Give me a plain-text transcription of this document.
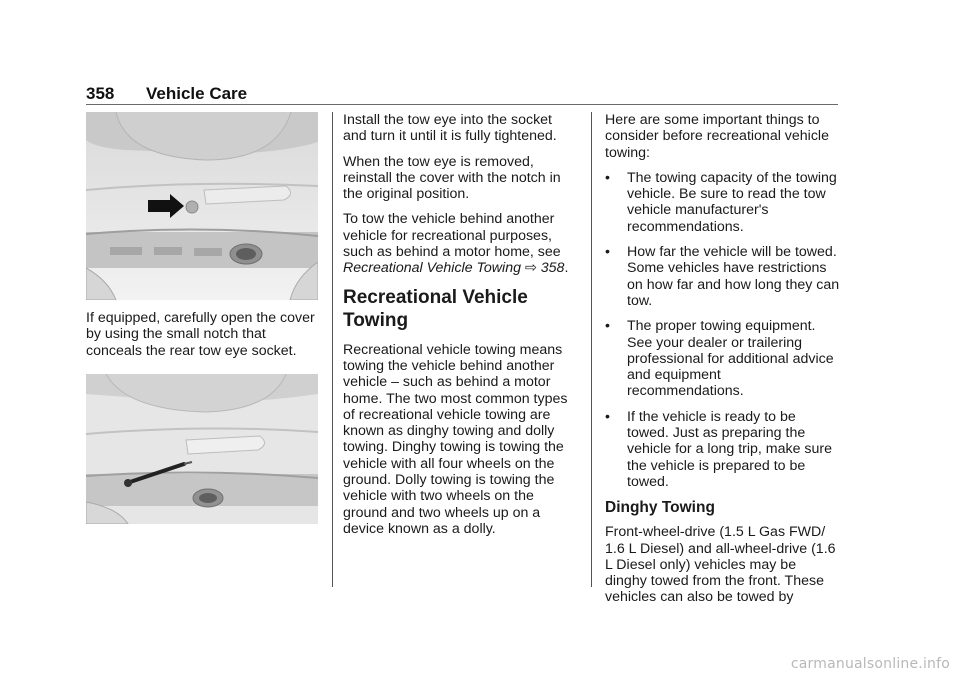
358 Vehicle Care

If equipped, carefully open the cover by using the small notch that conceals the rear tow eye socket.

Install the tow eye into the socket and turn it until it is fully tightened.

When the tow eye is removed, reinstall the cover with the notch in the original position.

To tow the vehicle behind another vehicle for recreational purposes, such as behind a motor home, see Recreational Vehicle Towing ⇨ 358.

Recreational Vehicle Towing

Recreational vehicle towing means towing the vehicle behind another vehicle – such as behind a motor home. The two most common types of recreational vehicle towing are known as dinghy towing and dolly towing. Dinghy towing is towing the vehicle with all four wheels on the ground. Dolly towing is towing the vehicle with two wheels on the ground and two wheels up on a device known as a dolly.

Here are some important things to consider before recreational vehicle towing:

• The towing capacity of the towing vehicle. Be sure to read the tow vehicle manufacturer's recommendations.
• How far the vehicle will be towed. Some vehicles have restrictions on how far and how long they can tow.
• The proper towing equipment. See your dealer or trailering professional for additional advice and equipment recommendations.
• If the vehicle is ready to be towed. Just as preparing the vehicle for a long trip, make sure the vehicle is prepared to be towed.
Dinghy Towing

Front-wheel-drive (1.5 L Gas FWD/ 1.6 L Diesel) and all-wheel-drive (1.6 L Diesel only) vehicles may be dinghy towed from the front. These vehicles can also be towed by

carmanualsonline.info
